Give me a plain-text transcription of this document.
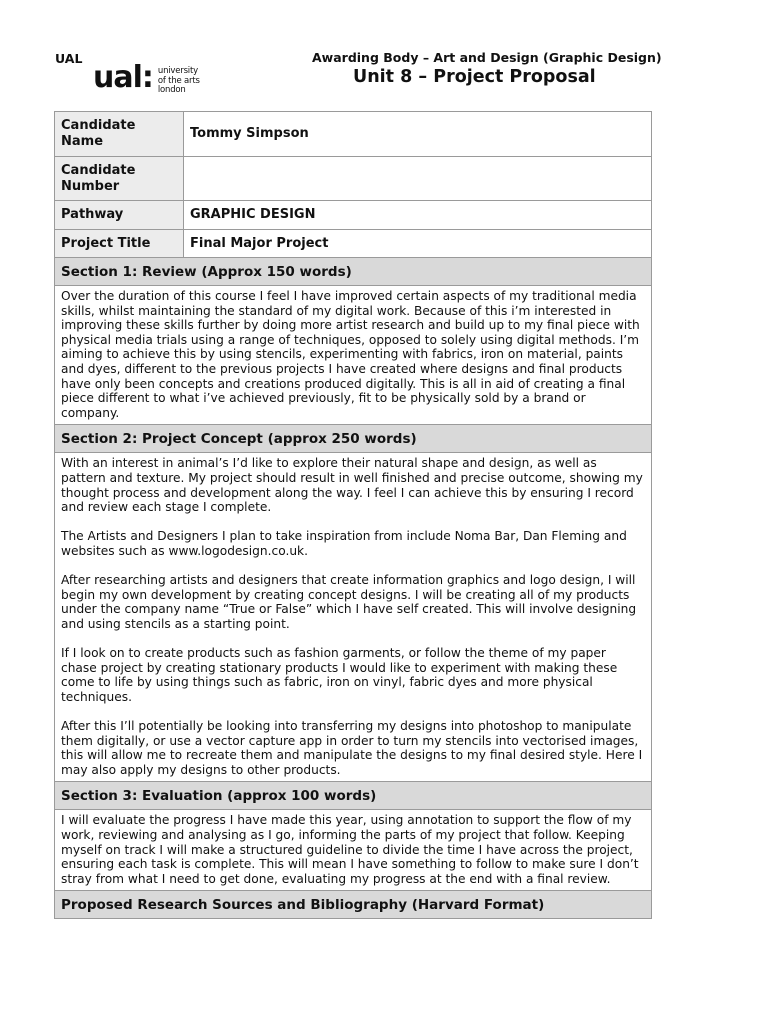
UAL
ual: university
of the arts
london
Awarding Body – Art and Design (Graphic Design)
Unit 8 – Project Proposal
Candidate Name	Tommy Simpson
Candidate Number	
Pathway	GRAPHIC DESIGN
Project Title	Final Major Project
Section 1: Review (Approx 150 words)	

Over the duration of this course I feel I have improved certain aspects of my traditional media skills, whilst maintaining the standard of my digital work. Because of this i’m interested in improving these skills further by doing more artist research and build up to my final piece with physical media trials using a range of techniques, opposed to solely using digital methods. I’m aiming to achieve this by using stencils, experimenting with fabrics, iron on material, paints and dyes, different to the previous projects I have created where designs and final products have only been concepts and creations produced digitally. This is all in aid of creating a final piece different to what i’ve achieved previously, fit to be physically sold by a brand or company.	

Section 2: Project Concept (approx 250 words)	

With an interest in animal’s I’d like to explore their natural shape and design, as well as pattern and texture. My project should result in well finished and precise outcome, showing my thought process and development along the way. I feel I can achieve this by ensuring I record and review each stage I complete.

The Artists and Designers I plan to take inspiration from include Noma Bar, Dan Fleming and websites such as www.logodesign.co.uk.

After researching artists and designers that create information graphics and logo design, I will begin my own development by creating concept designs. I will be creating all of my products under the company name “True or False” which I have self created. This will involve designing and using stencils as a starting point.

If I look on to create products such as fashion garments, or follow the theme of my paper chase project by creating stationary products I would like to experiment with making these come to life by using things such as fabric, iron on vinyl, fabric dyes and more physical techniques.

After this I’ll potentially be looking into transferring my designs into photoshop to manipulate them digitally, or use a vector capture app in order to turn my stencils into vectorised images, this will allow me to recreate them and manipulate the designs to my final desired style. Here I may also apply my designs to other products.	

Section 3: Evaluation (approx 100 words)	

I will evaluate the progress I have made this year, using annotation to support the flow of my work, reviewing and analysing as I go, informing the parts of my project that follow. Keeping myself on track I will make a structured guideline to divide the time I have across the project, ensuring each task is complete. This will mean I have something to follow to make sure I don’t stray from what I need to get done, evaluating my progress at the end with a final review.	

Proposed Research Sources and Bibliography (Harvard Format)	
